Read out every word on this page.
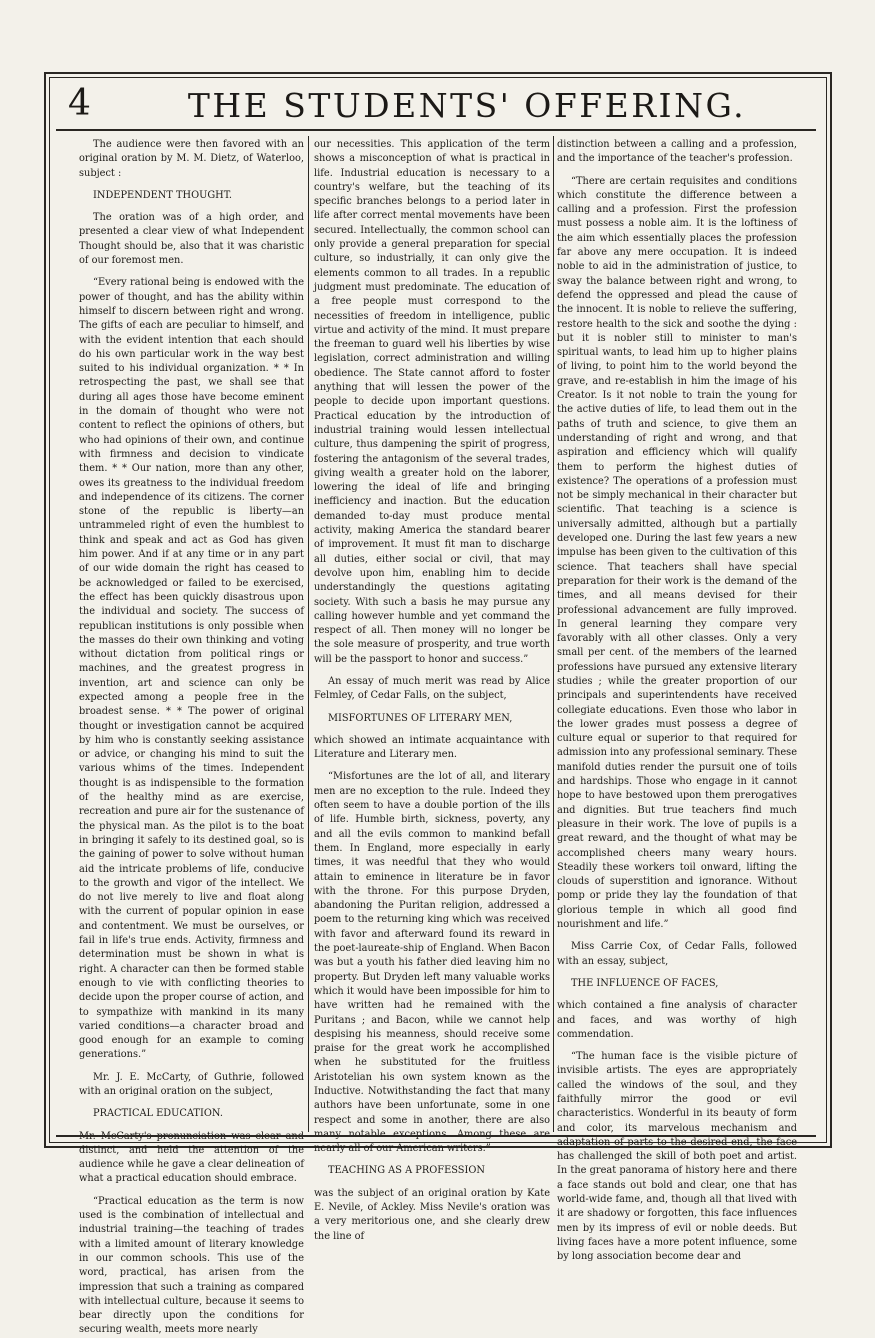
4	THE STUDENTS' OFFERING.

The audience were then favored with an original oration by M. M. Dietz, of Waterloo, subject :

INDEPENDENT THOUGHT.

The oration was of a high order, and presented a clear view of what Independent Thought should be, also that it was charistic of our foremost men.

“Every rational being is endowed with the power of thought, and has the ability within himself to discern between right and wrong. The gifts of each are peculiar to himself, and with the evident intention that each should do his own particular work in the way best suited to his individual organization. * * In retrospecting the past, we shall see that during all ages those have become eminent in the domain of thought who were not content to reflect the opinions of others, but who had opinions of their own, and continue with firmness and decision to vindicate them. * * Our nation, more than any other, owes its greatness to the individual freedom and independence of its citizens. The corner stone of the republic is liberty—an untrammeled right of even the humblest to think and speak and act as God has given him power. And if at any time or in any part of our wide domain the right has ceased to be acknowledged or failed to be exercised, the effect has been quickly disastrous upon the individual and society. The success of republican institutions is only possible when the masses do their own thinking and voting without dictation from political rings or machines, and the greatest progress in invention, art and science can only be expected among a people free in the broadest sense. * * The power of original thought or investigation cannot be acquired by him who is constantly seeking assistance or advice, or changing his mind to suit the various whims of the times. Independent thought is as indispensible to the formation of the healthy mind as are exercise, recreation and pure air for the sustenance of the physical man. As the pilot is to the boat in bringing it safely to its destined goal, so is the gaining of power to solve without human aid the intricate problems of life, conducive to the growth and vigor of the intellect. We do not live merely to live and float along with the current of popular opinion in ease and contentment. We must be ourselves, or fail in life's true ends. Activity, firmness and determination must be shown in what is right. A character can then be formed stable enough to vie with conflicting theories to decide upon the proper course of action, and to sympathize with mankind in its many varied conditions—a character broad and good enough for an example to coming generations.”

Mr. J. E. McCarty, of Guthrie, followed with an original oration on the subject,

PRACTICAL EDUCATION.

Mr. McCarty's pronunciation was clear and distinct, and held the attention of the audience while he gave a clear delineation of what a practical education should embrace.

“Practical education as the term is now used is the combination of intellectual and industrial training—the teaching of trades with a limited amount of literary knowledge in our common schools. This use of the word, practical, has arisen from the impression that such a training as compared with intellectual culture, because it seems to bear directly upon the conditions for securing wealth, meets more nearly

our necessities. This application of the term shows a misconception of what is practical in life. Industrial education is necessary to a country's welfare, but the teaching of its specific branches belongs to a period later in life after correct mental movements have been secured. Intellectually, the common school can only provide a general preparation for special culture, so industrially, it can only give the elements common to all trades. In a republic judgment must predominate. The education of a free people must correspond to the necessities of freedom in intelligence, public virtue and activity of the mind. It must prepare the freeman to guard well his liberties by wise legislation, correct administration and willing obedience. The State cannot afford to foster anything that will lessen the power of the people to decide upon important questions. Practical education by the introduction of industrial training would lessen intellectual culture, thus dampening the spirit of progress, fostering the antagonism of the several trades, giving wealth a greater hold on the laborer, lowering the ideal of life and bringing inefficiency and inaction. But the education demanded to-day must produce mental activity, making America the standard bearer of improvement. It must fit man to discharge all duties, either social or civil, that may devolve upon him, enabling him to decide understandingly the questions agitating society. With such a basis he may pursue any calling however humble and yet command the respect of all. Then money will no longer be the sole measure of prosperity, and true worth will be the passport to honor and success.”

An essay of much merit was read by Alice Felmley, of Cedar Falls, on the subject,

MISFORTUNES OF LITERARY MEN,

which showed an intimate acquaintance with Literature and Literary men.

“Misfortunes are the lot of all, and literary men are no exception to the rule. Indeed they often seem to have a double portion of the ills of life. Humble birth, sickness, poverty, any and all the evils common to mankind befall them. In England, more especially in early times, it was needful that they who would attain to eminence in literature be in favor with the throne. For this purpose Dryden, abandoning the Puritan religion, addressed a poem to the returning king which was received with favor and afterward found its reward in the poet-laureate-ship of England. When Bacon was but a youth his father died leaving him no property. But Dryden left many valuable works which it would have been impossible for him to have written had he remained with the Puritans ; and Bacon, while we cannot help despising his meanness, should receive some praise for the great work he accomplished when he substituted for the fruitless Aristotelian his own system known as the Inductive. Notwithstanding the fact that many authors have been unfortunate, some in one respect and some in another, there are also many notable exceptions. Among these are nearly all of our American writers.”

TEACHING AS A PROFESSION

was the subject of an original oration by Kate E. Nevile, of Ackley. Miss Nevile's oration was a very meritorious one, and she clearly drew the line of

distinction between a calling and a profession, and the importance of the teacher's profession.

“There are certain requisites and conditions which constitute the difference between a calling and a profession. First the profession must possess a noble aim. It is the loftiness of the aim which essentially places the profession far above any mere occupation. It is indeed noble to aid in the administration of justice, to sway the balance between right and wrong, to defend the oppressed and plead the cause of the innocent. It is noble to relieve the suffering, restore health to the sick and soothe the dying : but it is nobler still to minister to man's spiritual wants, to lead him up to higher plains of living, to point him to the world beyond the grave, and re-establish in him the image of his Creator. Is it not noble to train the young for the active duties of life, to lead them out in the paths of truth and science, to give them an understanding of right and wrong, and that aspiration and efficiency which will qualify them to perform the highest duties of existence? The operations of a profession must not be simply mechanical in their character but scientific. That teaching is a science is universally admitted, although but a partially developed one. During the last few years a new impulse has been given to the cultivation of this science. That teachers shall have special preparation for their work is the demand of the times, and all means devised for their professional advancement are fully improved. In general learning they compare very favorably with all other classes. Only a very small per cent. of the members of the learned professions have pursued any extensive literary studies ; while the greater proportion of our principals and superintendents have received collegiate educations. Even those who labor in the lower grades must possess a degree of culture equal or superior to that required for admission into any professional seminary. These manifold duties render the pursuit one of toils and hardships. Those who engage in it cannot hope to have bestowed upon them prerogatives and dignities. But true teachers find much pleasure in their work. The love of pupils is a great reward, and the thought of what may be accomplished cheers many weary hours. Steadily these workers toil onward, lifting the clouds of superstition and ignorance. Without pomp or pride they lay the foundation of that glorious temple in which all good find nourishment and life.”

Miss Carrie Cox, of Cedar Falls, followed with an essay, subject,

THE INFLUENCE OF FACES,

which contained a fine analysis of character and faces, and was worthy of high commendation.

“The human face is the visible picture of invisible artists. The eyes are appropriately called the windows of the soul, and they faithfully mirror the good or evil characteristics. Wonderful in its beauty of form and color, its marvelous mechanism and adaptation of parts to the desired end, the face has challenged the skill of both poet and artist. In the great panorama of history here and there a face stands out bold and clear, one that has world-wide fame, and, though all that lived with it are shadowy or forgotten, this face influences men by its impress of evil or noble deeds. But living faces have a more potent influence, some by long association become dear and
